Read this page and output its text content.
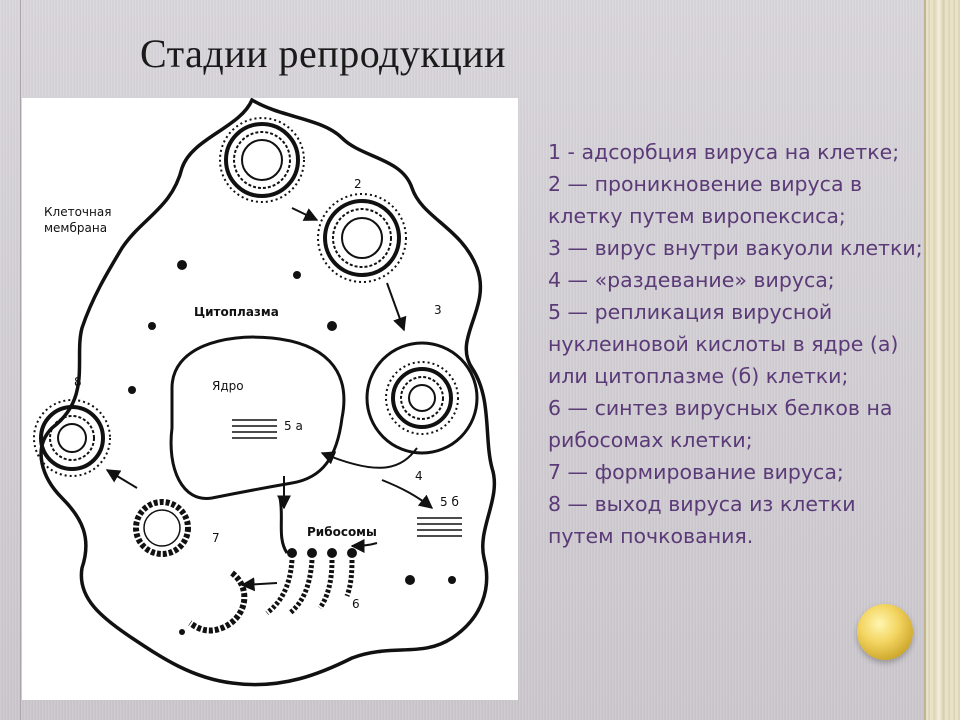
Стадии репродукции
Клеточная
мембрана
Цитоплазма
Ядро
Рибосомы
2
3
4
5 а
5 б
6
7
8
1 - адсорбция вируса на клетке;
2 — проникновение вируса в клетку путем виропексиса;
3 — вирус внутри вакуоли клетки;
4 — «раздевание» вируса;
5 — репликация вирусной нуклеиновой кислоты в ядре (а) или цитоплазме (б) клетки;
6 — синтез вирусных белков на рибосомах клетки;
7 — формирование вируса;
8 — выход вируса из клетки путем почкования.
